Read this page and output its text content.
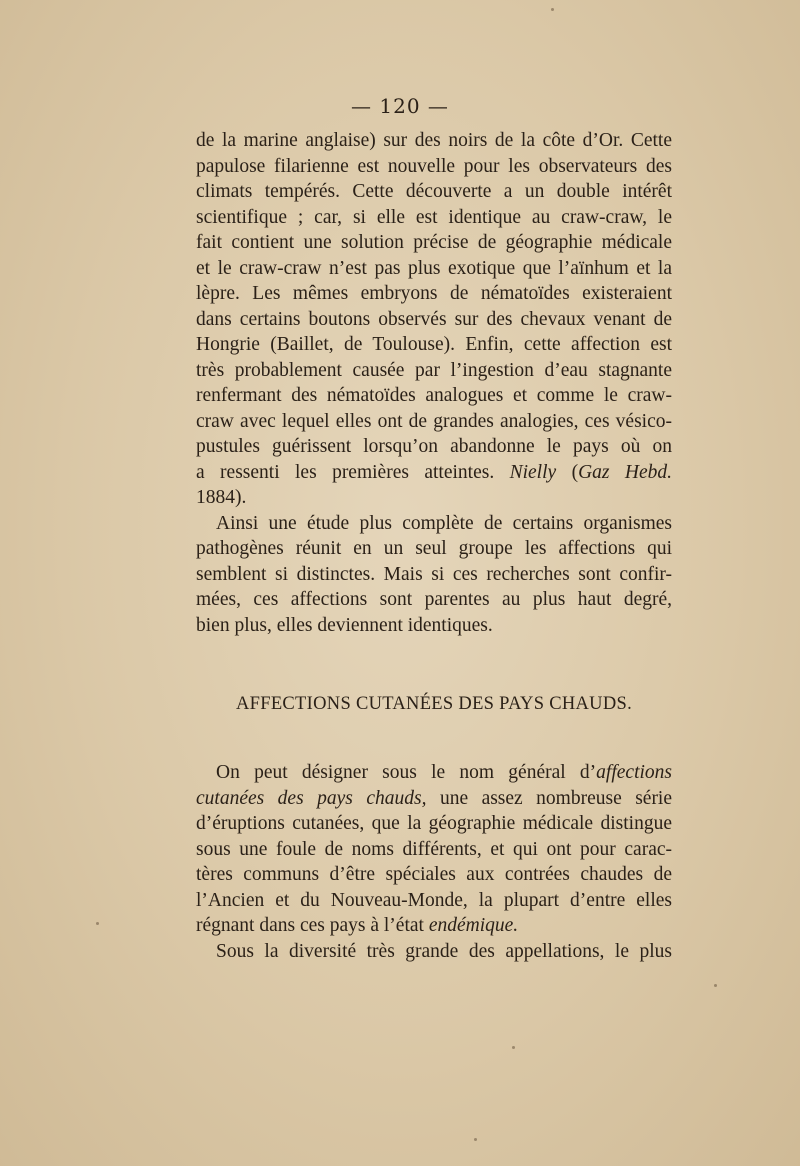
— 120 —
de la marine anglaise) sur des noirs de la côte d’Or. Cette
papulose filarienne est nouvelle pour les observateurs des
climats tempérés. Cette découverte a un double intérêt
scientifique ; car, si elle est identique au craw-craw, le
fait contient une solution précise de géographie médicale
et le craw-craw n’est pas plus exotique que l’aïnhum et la
lèpre. Les mêmes embryons de nématoïdes existeraient
dans certains boutons observés sur des chevaux venant de
Hongrie (Baillet, de Toulouse). Enfin, cette affection est
très probablement causée par l’ingestion d’eau stagnante
renfermant des nématoïdes analogues et comme le craw-
craw avec lequel elles ont de grandes analogies, ces vésico-
pustules guérissent lorsqu’on abandonne le pays où on
a ressenti les premières atteintes. Nielly (Gaz Hebd.
1884).
Ainsi une étude plus complète de certains organismes
pathogènes réunit en un seul groupe les affections qui
semblent si distinctes. Mais si ces recherches sont confir-
mées, ces affections sont parentes au plus haut degré,
bien plus, elles deviennent identiques.
AFFECTIONS CUTANÉES DES PAYS CHAUDS.
On peut désigner sous le nom général d’affections
cutanées des pays chauds, une assez nombreuse série
d’éruptions cutanées, que la géographie médicale distingue
sous une foule de noms différents, et qui ont pour carac-
tères communs d’être spéciales aux contrées chaudes de
l’Ancien et du Nouveau-Monde, la plupart d’entre elles
régnant dans ces pays à l’état endémique.
Sous la diversité très grande des appellations, le plus
